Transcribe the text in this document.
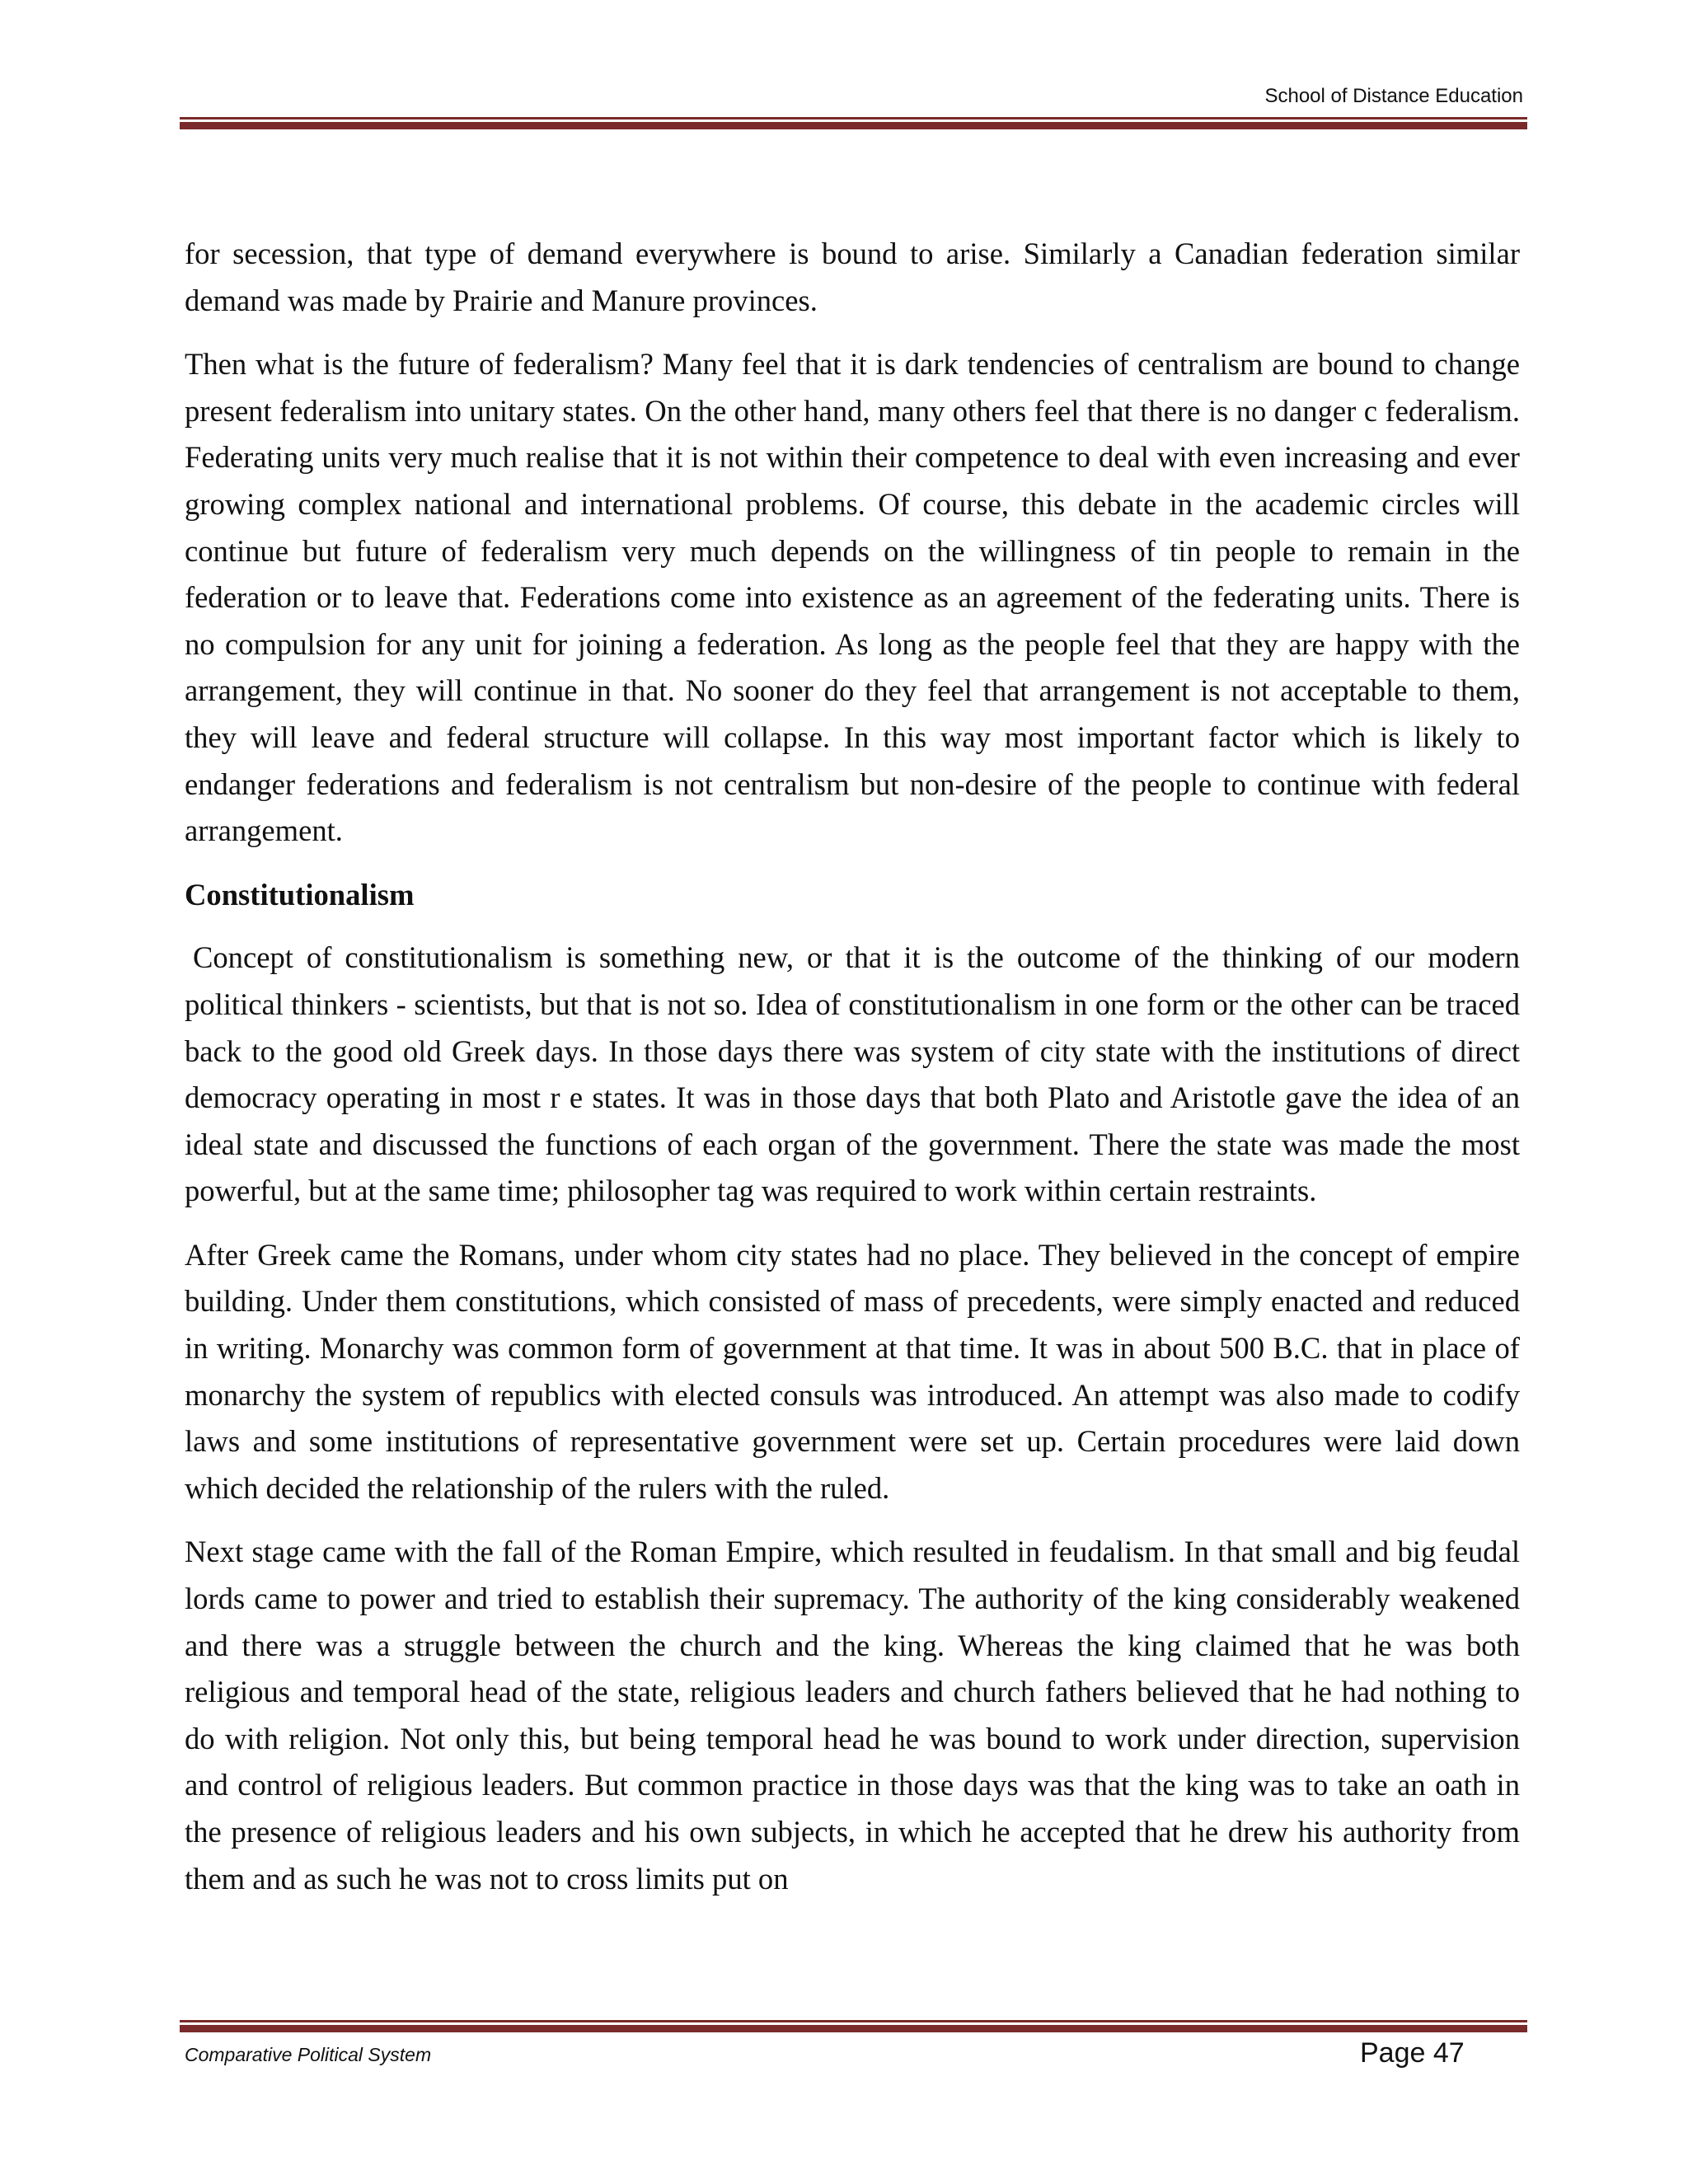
School of Distance Education

for secession, that type of demand everywhere is bound to arise. Similarly a Canadian federation similar demand was made by Prairie and Manure provinces.

Then what is the future of federalism? Many feel that it is dark tendencies of centralism are bound to change present federalism into unitary states. On the other hand, many others feel that there is no danger c federalism. Federating units very much realise that it is not within their competence to deal with even increasing and ever growing complex national and international problems. Of course, this debate in the academic circles will continue but future of federalism very much depends on the willingness of tin people to remain in the federation or to leave that. Federations come into existence as an agreement of the federating units. There is no compulsion for any unit for joining a federation. As long as the people feel that they are happy with the arrangement, they will continue in that. No sooner do they feel that arrangement is not acceptable to them, they will leave and federal structure will collapse. In this way most important factor which is likely to endanger federations and federalism is not centralism but non-desire of the people to continue with federal arrangement.

Constitutionalism

Concept of constitutionalism is something new, or that it is the outcome of the thinking of our modern political thinkers - scientists, but that is not so. Idea of constitutionalism in one form or the other can be traced back to the good old Greek days. In those days there was system of city state with the institutions of direct democracy operating in most r e states. It was in those days that both Plato and Aristotle gave the idea of an ideal state and discussed the functions of each organ of the government. There the state was made the most powerful, but at the same time; philosopher tag was required to work within certain restraints.

After Greek came the Romans, under whom city states had no place. They believed in the concept of empire building. Under them constitutions, which consisted of mass of precedents, were simply enacted and reduced in writing. Monarchy was common form of government at that time. It was in about 500 B.C. that in place of monarchy the system of republics with elected consuls was introduced. An attempt was also made to codify laws and some institutions of representative government were set up. Certain procedures were laid down which decided the relationship of the rulers with the ruled.

Next stage came with the fall of the Roman Empire, which resulted in feudalism. In that small and big feudal lords came to power and tried to establish their supremacy. The authority of the king considerably weakened and there was a struggle between the church and the king. Whereas the king claimed that he was both religious and temporal head of the state, religious leaders and church fathers believed that he had nothing to do with religion. Not only this, but being temporal head he was bound to work under direction, supervision and control of religious leaders. But common practice in those days was that the king was to take an oath in the presence of religious leaders and his own subjects, in which he accepted that he drew his authority from them and as such he was not to cross limits put on

Comparative Political System	Page 47
